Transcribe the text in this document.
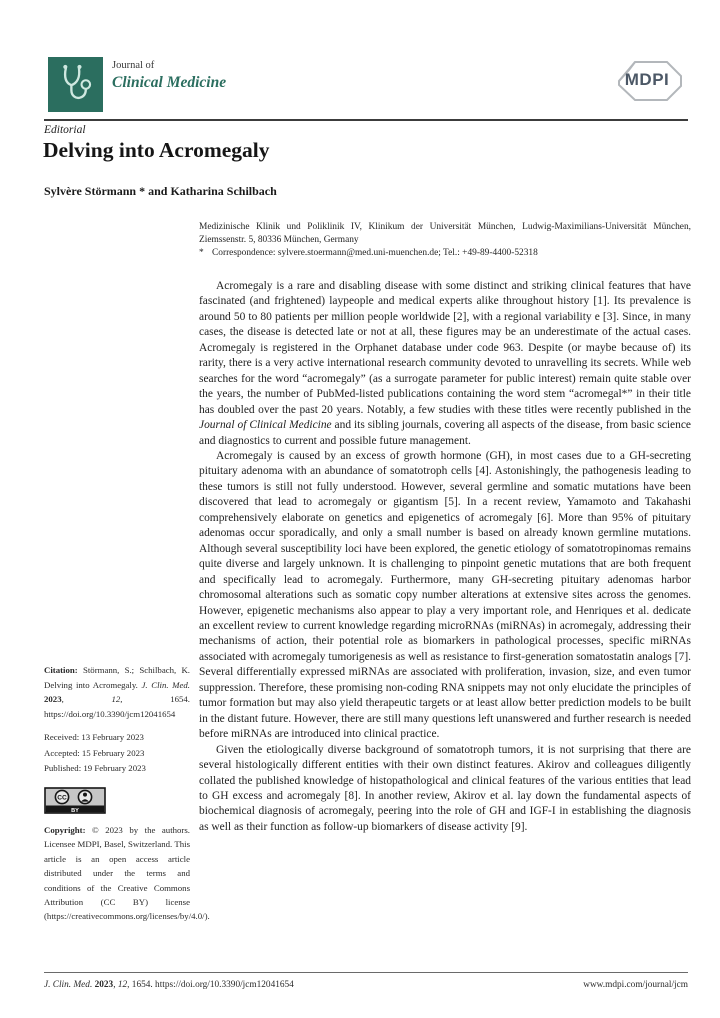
Journal of
Clinical Medicine	MDPI
Editorial
Delving into Acromegaly
Sylvère Störmann * and Katharina Schilbach
Medizinische Klinik und Poliklinik IV, Klinikum der Universität München, Ludwig-Maximilians-Universität München, Ziemssenstr. 5, 80336 München, Germany
* Correspondence: sylvere.stoermann@med.uni-muenchen.de; Tel.: +49-89-4400-52318

Acromegaly is a rare and disabling disease with some distinct and striking clinical features that have fascinated (and frightened) laypeople and medical experts alike throughout history [1]. Its prevalence is around 50 to 80 patients per million people worldwide [2], with a regional variability e [3]. Since, in many cases, the disease is detected late or not at all, these figures may be an underestimate of the actual cases. Acromegaly is registered in the Orphanet database under code 963. Despite (or maybe because of) its rarity, there is a very active international research community devoted to unravelling its secrets. While web searches for the word “acromegaly” (as a surrogate parameter for public interest) remain quite stable over the years, the number of PubMed-listed publications containing the word stem “acromegal*” in their title has doubled over the past 20 years. Notably, a few studies with these titles were recently published in the Journal of Clinical Medicine and its sibling journals, covering all aspects of the disease, from basic science and diagnostics to current and possible future management.

Acromegaly is caused by an excess of growth hormone (GH), in most cases due to a GH-secreting pituitary adenoma with an abundance of somatotroph cells [4]. Astonishingly, the pathogenesis leading to these tumors is still not fully understood. However, several germline and somatic mutations have been discovered that lead to acromegaly or gigantism [5]. In a recent review, Yamamoto and Takahashi comprehensively elaborate on genetics and epigenetics of acromegaly [6]. More than 95% of pituitary adenomas occur sporadically, and only a small number is based on already known germline mutations. Although several susceptibility loci have been explored, the genetic etiology of somatotropinomas remains quite diverse and largely unknown. It is challenging to pinpoint genetic mutations that are both frequent and specifically lead to acromegaly. Furthermore, many GH-secreting pituitary adenomas harbor chromosomal alterations such as somatic copy number alterations at extensive sites across the genomes. However, epigenetic mechanisms also appear to play a very important role, and Henriques et al. dedicate an excellent review to current knowledge regarding microRNAs (miRNAs) in acromegaly, addressing their mechanisms of action, their potential role as biomarkers in pathological processes, specific miRNAs associated with acromegaly tumorigenesis as well as resistance to first-generation somatostatin analogs [7]. Several differentially expressed miRNAs are associated with proliferation, invasion, size, and even tumor suppression. Therefore, these promising non-coding RNA snippets may not only elucidate the principles of tumor formation but may also yield therapeutic targets or at least allow better prediction models to be built in the distant future. However, there are still many questions left unanswered and further research is needed before miRNAs are introduced into clinical practice.

Given the etiologically diverse background of somatotroph tumors, it is not surprising that there are several histologically different entities with their own distinct features. Akirov and colleagues diligently collated the published knowledge of histopathological and clinical features of the various entities that lead to GH excess and acromegaly [8]. In another review, Akirov et al. lay down the fundamental aspects of biochemical diagnosis of acromegaly, peering into the role of GH and IGF-I in establishing the diagnosis as well as their function as follow-up biomarkers of disease activity [9].

Citation: Störmann, S.; Schilbach, K. Delving into Acromegaly. J. Clin. Med. 2023, 12, 1654. https://doi.org/10.3390/jcm12041654
Received: 13 February 2023
Accepted: 15 February 2023
Published: 19 February 2023
CC
BY
Copyright: © 2023 by the authors. Licensee MDPI, Basel, Switzerland. This article is an open access article distributed under the terms and conditions of the Creative Commons Attribution (CC BY) license (https://creativecommons.org/licenses/by/4.0/).
J. Clin. Med. 2023, 12, 1654. https://doi.org/10.3390/jcm12041654	www.mdpi.com/journal/jcm
